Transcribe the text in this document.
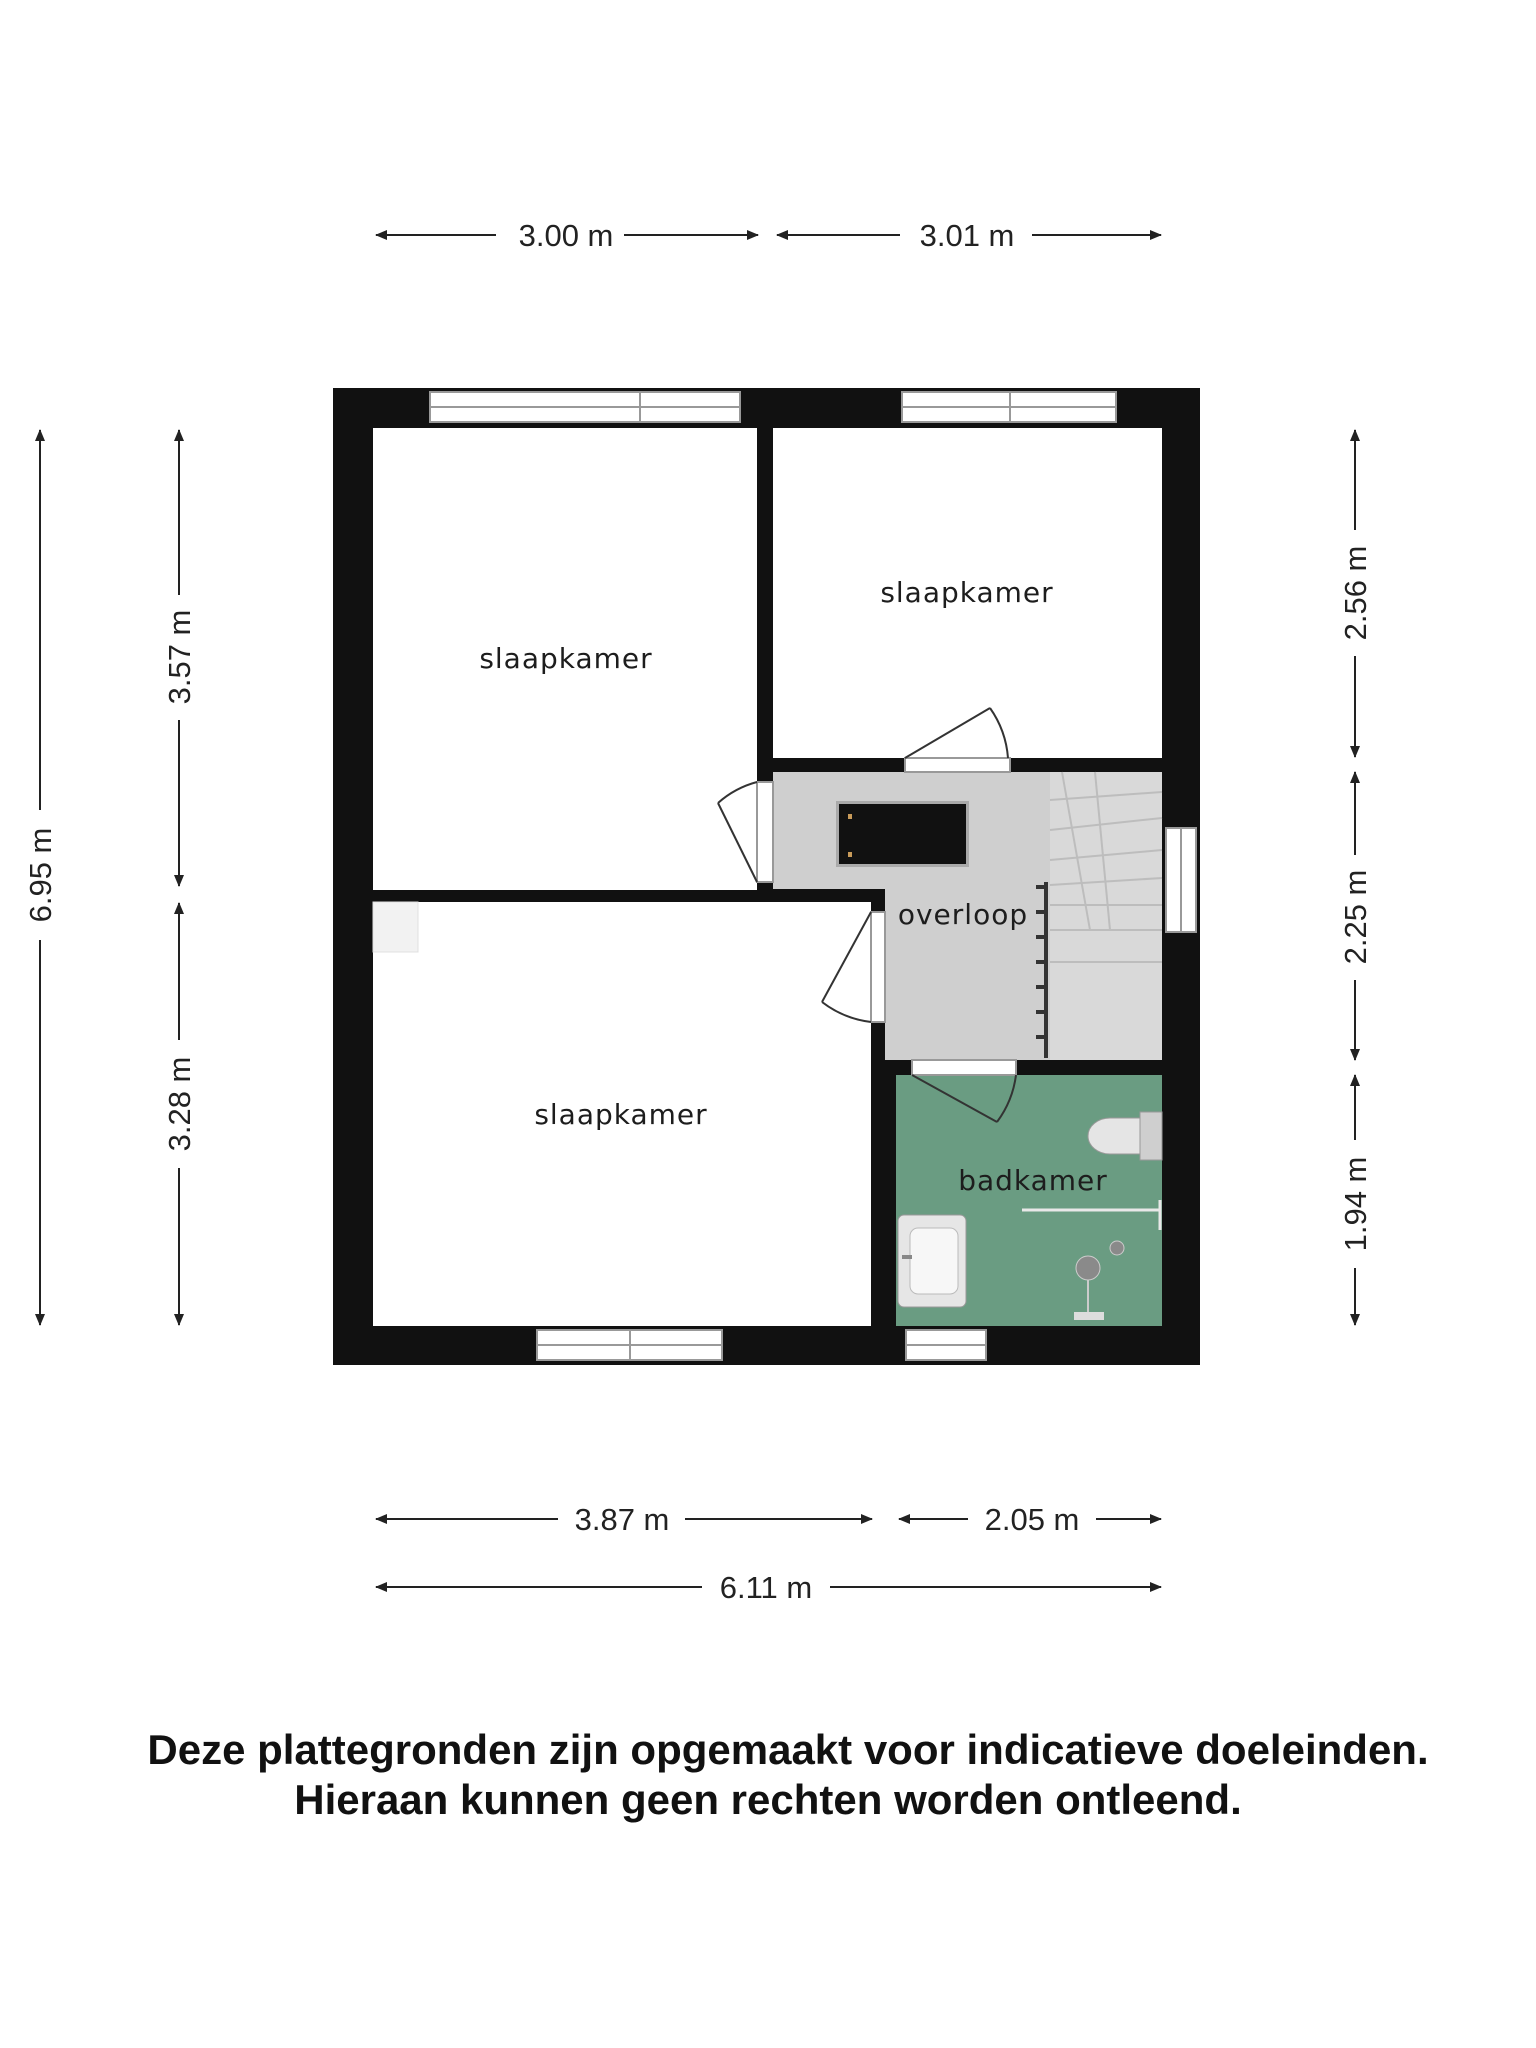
slaapkamer
slaapkamer
slaapkamer
overloop
badkamer
3.00 m	3.01 m
3.87 m	2.05 m
6.11 m
6.95 m
3.57 m
3.28 m
2.56 m
2.25 m
1.94 m

Deze plattegronden zijn opgemaakt voor indicatieve doeleinden.

Hieraan kunnen geen rechten worden ontleend.
